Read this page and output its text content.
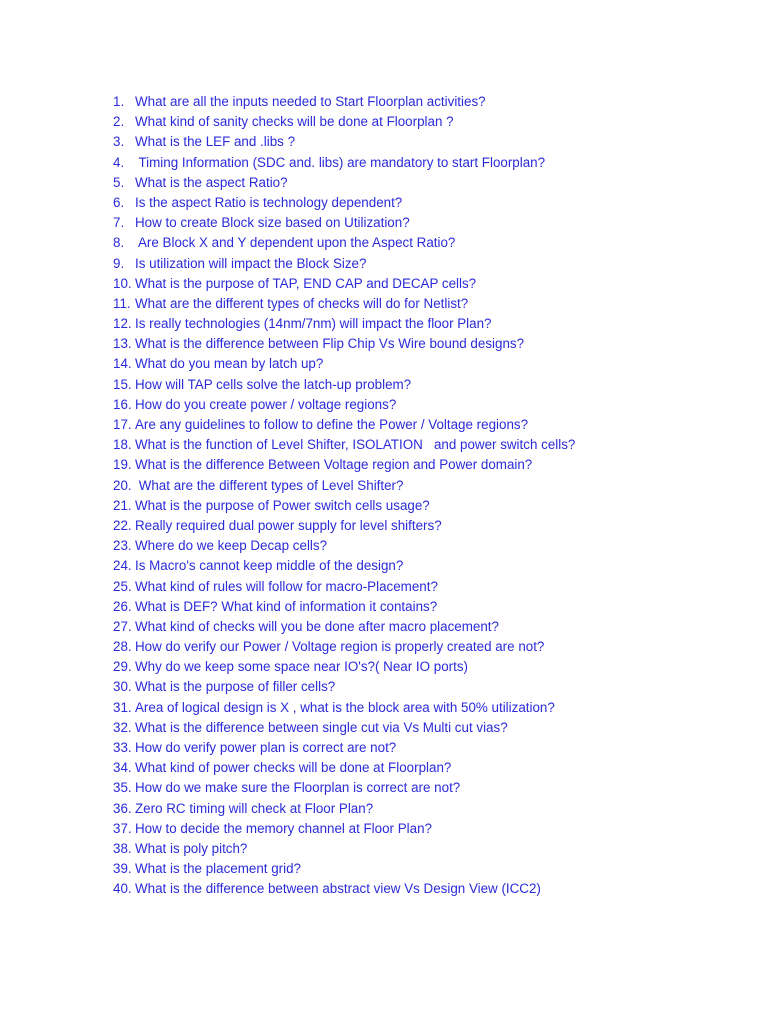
1. What are all the inputs needed to Start Floorplan activities?
2. What kind of sanity checks will be done at Floorplan ?
3. What is the LEF and .libs ?
4. Timing Information (SDC and. libs) are mandatory to start Floorplan?
5. What is the aspect Ratio?
6. Is the aspect Ratio is technology dependent?
7. How to create Block size based on Utilization?
8. Are Block X and Y dependent upon the Aspect Ratio?
9. Is utilization will impact the Block Size?
10. What is the purpose of TAP, END CAP and DECAP cells?
11. What are the different types of checks will do for Netlist?
12. Is really technologies (14nm/7nm) will impact the floor Plan?
13. What is the difference between Flip Chip Vs Wire bound designs?
14. What do you mean by latch up?
15. How will TAP cells solve the latch-up problem?
16. How do you create power / voltage regions?
17. Are any guidelines to follow to define the Power / Voltage regions?
18. What is the function of Level Shifter, ISOLATION   and power switch cells?
19. What is the difference Between Voltage region and Power domain?
20. What are the different types of Level Shifter?
21. What is the purpose of Power switch cells usage?
22. Really required dual power supply for level shifters?
23. Where do we keep Decap cells?
24. Is Macro's cannot keep middle of the design?
25. What kind of rules will follow for macro-Placement?
26. What is DEF? What kind of information it contains?
27. What kind of checks will you be done after macro placement?
28. How do verify our Power / Voltage region is properly created are not?
29. Why do we keep some space near IO's?( Near IO ports)
30. What is the purpose of filler cells?
31. Area of logical design is X , what is the block area with 50% utilization?
32. What is the difference between single cut via Vs Multi cut vias?
33. How do verify power plan is correct are not?
34. What kind of power checks will be done at Floorplan?
35. How do we make sure the Floorplan is correct are not?
36. Zero RC timing will check at Floor Plan?
37. How to decide the memory channel at Floor Plan?
38. What is poly pitch?
39. What is the placement grid?
40. What is the difference between abstract view Vs Design View (ICC2)
